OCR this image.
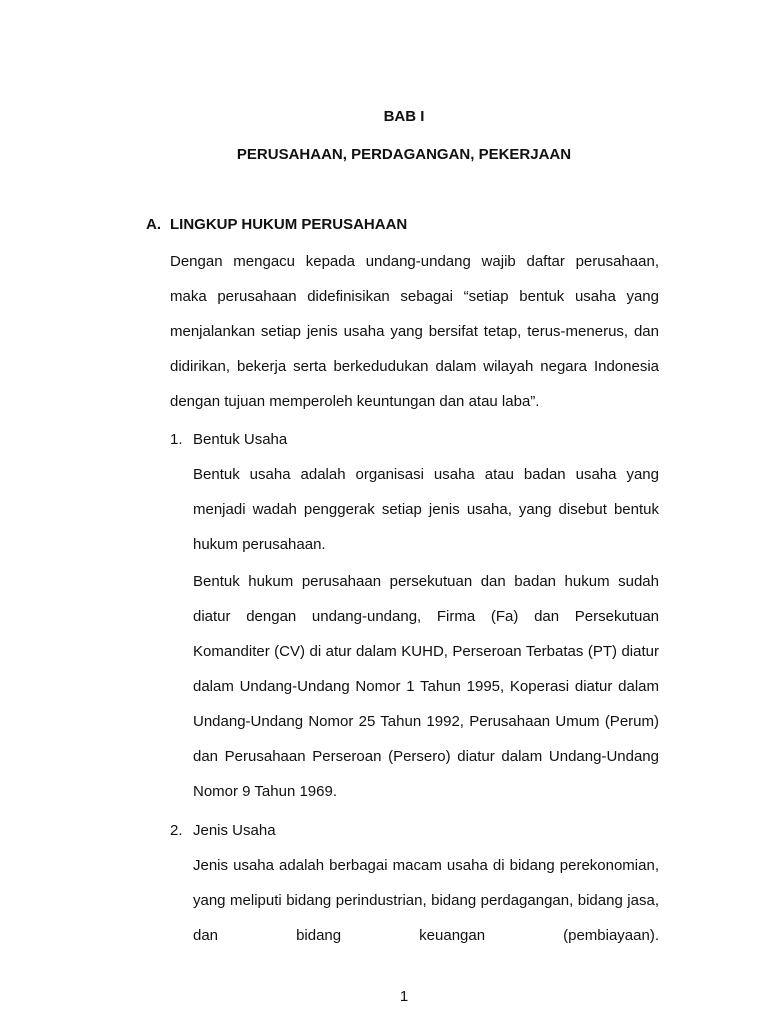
BAB I
PERUSAHAAN, PERDAGANGAN, PEKERJAAN
A. LINGKUP HUKUM PERUSAHAAN

Dengan mengacu kepada undang-undang wajib daftar perusahaan, maka perusahaan didefinisikan sebagai “setiap bentuk usaha yang menjalankan setiap jenis usaha yang bersifat tetap, terus-menerus, dan didirikan, bekerja serta berkedudukan dalam wilayah negara Indonesia dengan tujuan memperoleh keuntungan dan atau laba”.

1. Bentuk Usaha

Bentuk usaha adalah organisasi usaha atau badan usaha yang menjadi wadah penggerak setiap jenis usaha, yang disebut bentuk hukum perusahaan.

Bentuk hukum perusahaan persekutuan dan badan hukum sudah diatur dengan undang-undang, Firma (Fa) dan Persekutuan Komanditer (CV) di atur dalam KUHD, Perseroan Terbatas (PT) diatur dalam Undang-Undang Nomor 1 Tahun 1995, Koperasi diatur dalam Undang-Undang Nomor 25 Tahun 1992, Perusahaan Umum (Perum) dan Perusahaan Perseroan (Persero) diatur dalam Undang-Undang Nomor 9 Tahun 1969.

2. Jenis Usaha

Jenis usaha adalah berbagai macam usaha di bidang perekonomian, yang meliputi bidang perindustrian, bidang perdagangan, bidang jasa, dan bidang keuangan (pembiayaan).

1
